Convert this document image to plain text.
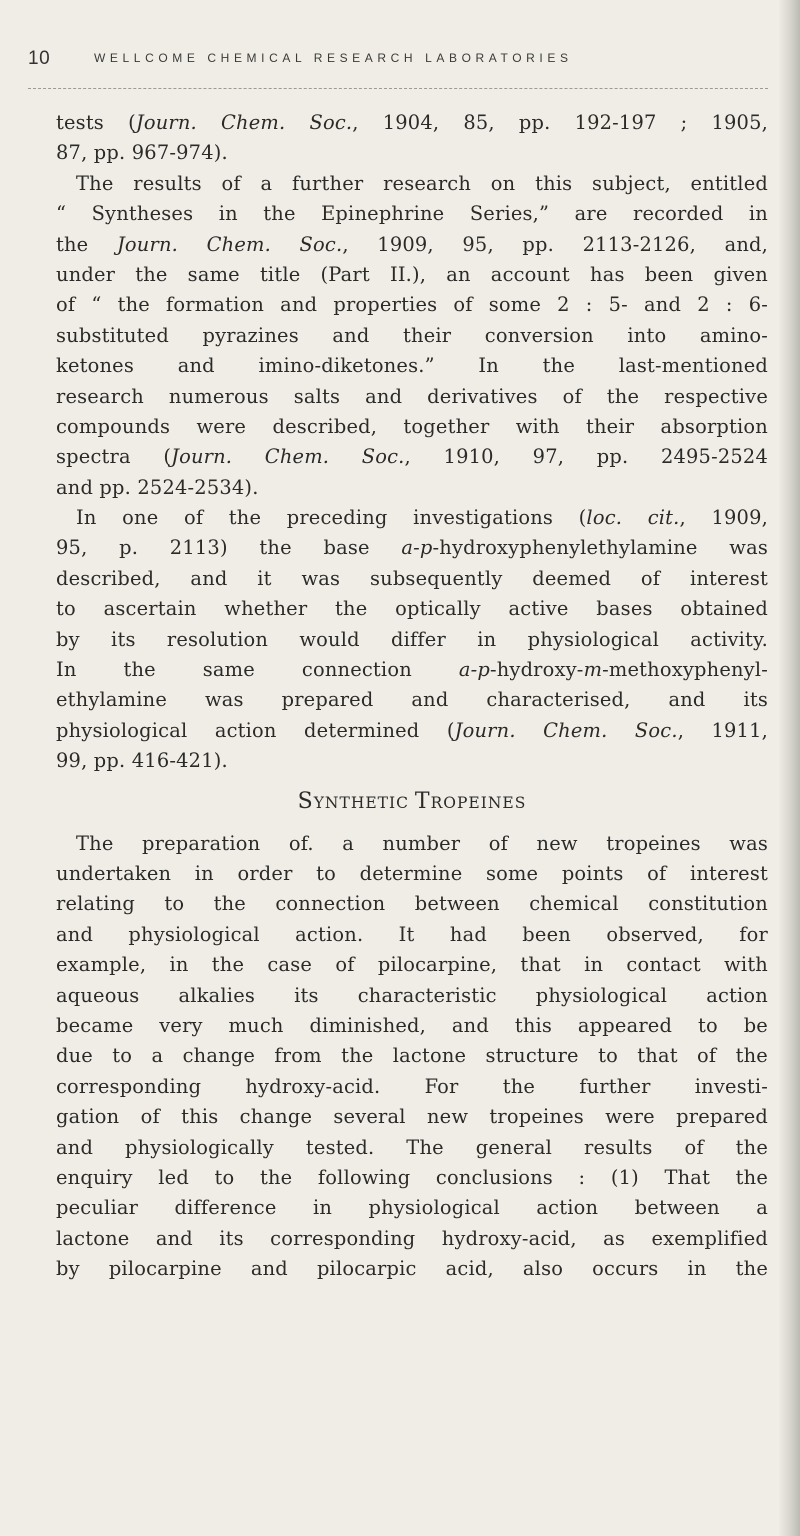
10	WELLCOME CHEMICAL RESEARCH LABORATORIES
tests (Journ. Chem. Soc., 1904, 85, pp. 192-197 ; 1905,
87, pp. 967-974).
The results of a further research on this subject, entitled
“ Syntheses in the Epinephrine Series,” are recorded in
the Journ. Chem. Soc., 1909, 95, pp. 2113-2126, and,
under the same title (Part II.), an account has been given
of “ the formation and properties of some 2 : 5- and 2 : 6-
substituted pyrazines and their conversion into amino-
ketones and imino-diketones.” In the last-mentioned
research numerous salts and derivatives of the respective
compounds were described, together with their absorption
spectra (Journ. Chem. Soc., 1910, 97, pp. 2495-2524
and pp. 2524-2534).
In one of the preceding investigations (loc. cit., 1909,
95, p. 2113) the base a-p-hydroxyphenylethylamine was
described, and it was subsequently deemed of interest
to ascertain whether the optically active bases obtained
by its resolution would differ in physiological activity.
In the same connection a-p-hydroxy-m-methoxyphenyl-
ethylamine was prepared and characterised, and its
physiological action determined (Journ. Chem. Soc., 1911,
99, pp. 416-421).
SYNTHETIC TROPEINES
The preparation of. a number of new tropeines was
undertaken in order to determine some points of interest
relating to the connection between chemical constitution
and physiological action. It had been observed, for
example, in the case of pilocarpine, that in contact with
aqueous alkalies its characteristic physiological action
became very much diminished, and this appeared to be
due to a change from the lactone structure to that of the
corresponding hydroxy-acid. For the further investi-
gation of this change several new tropeines were prepared
and physiologically tested. The general results of the
enquiry led to the following conclusions : (1) That the
peculiar difference in physiological action between a
lactone and its corresponding hydroxy-acid, as exemplified
by pilocarpine and pilocarpic acid, also occurs in the
